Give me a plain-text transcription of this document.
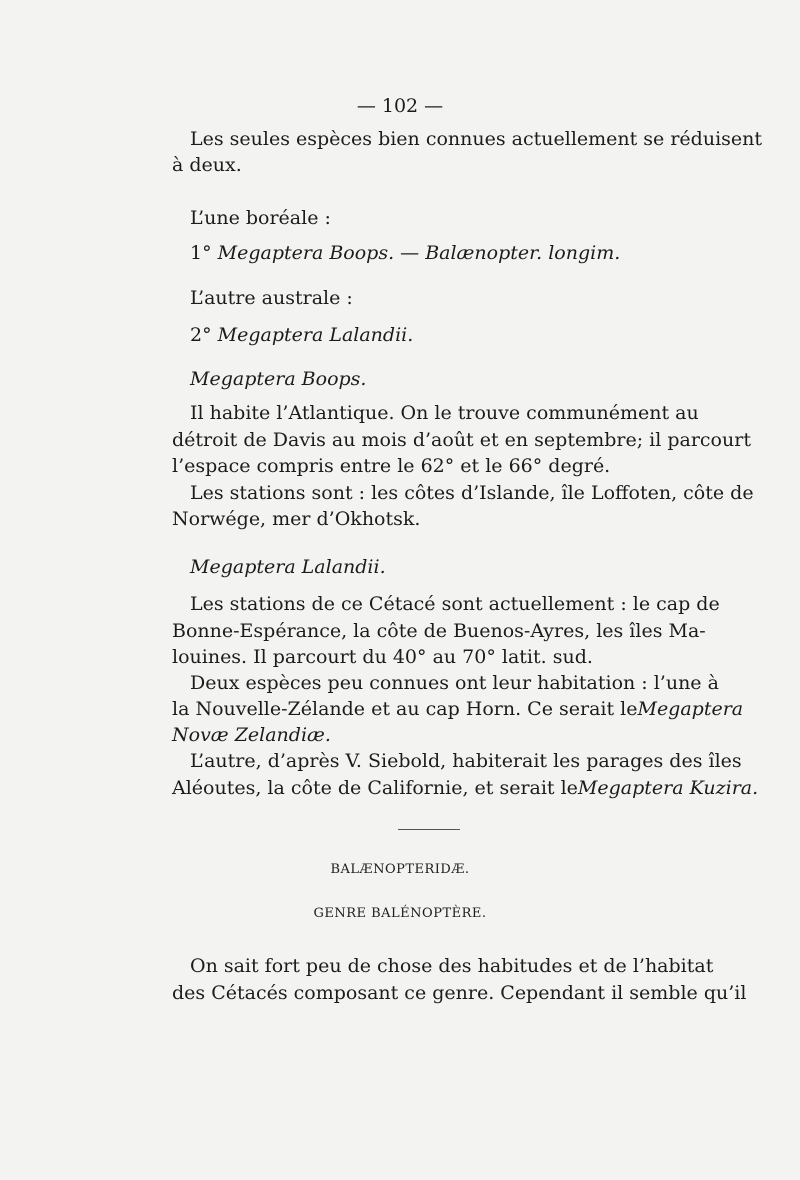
— 102 —
Les seules espèces bien connues actuellement se réduisent
à deux.
L’une boréale :
1° Megaptera Boops. — Balænopter. longim.
L’autre australe :
2° Megaptera Lalandii.
Megaptera Boops.
Il habite l’Atlantique. On le trouve communément au
détroit de Davis au mois d’août et en septembre; il parcourt
l’espace compris entre le 62° et le 66° degré.
Les stations sont : les côtes d’Islande, île Loffoten, côte de
Norwége, mer d’Okhotsk.
Megaptera Lalandii.
Les stations de ce Cétacé sont actuellement : le cap de
Bonne-Espérance, la côte de Buenos-Ayres, les îles Ma-
louines. Il parcourt du 40° au 70° latit. sud.
Deux espèces peu connues ont leur habitation : l’une à
la Nouvelle-Zélande et au cap Horn. Ce serait leMegaptera
Novæ Zelandiæ.
L’autre, d’après V. Siebold, habiterait les parages des îles
Aléoutes, la côte de Californie, et serait leMegaptera Kuzira.
BALÆNOPTERIDÆ.
GENRE BALÉNOPTÈRE.
On sait fort peu de chose des habitudes et de l’habitat
des Cétacés composant ce genre. Cependant il semble qu’il
